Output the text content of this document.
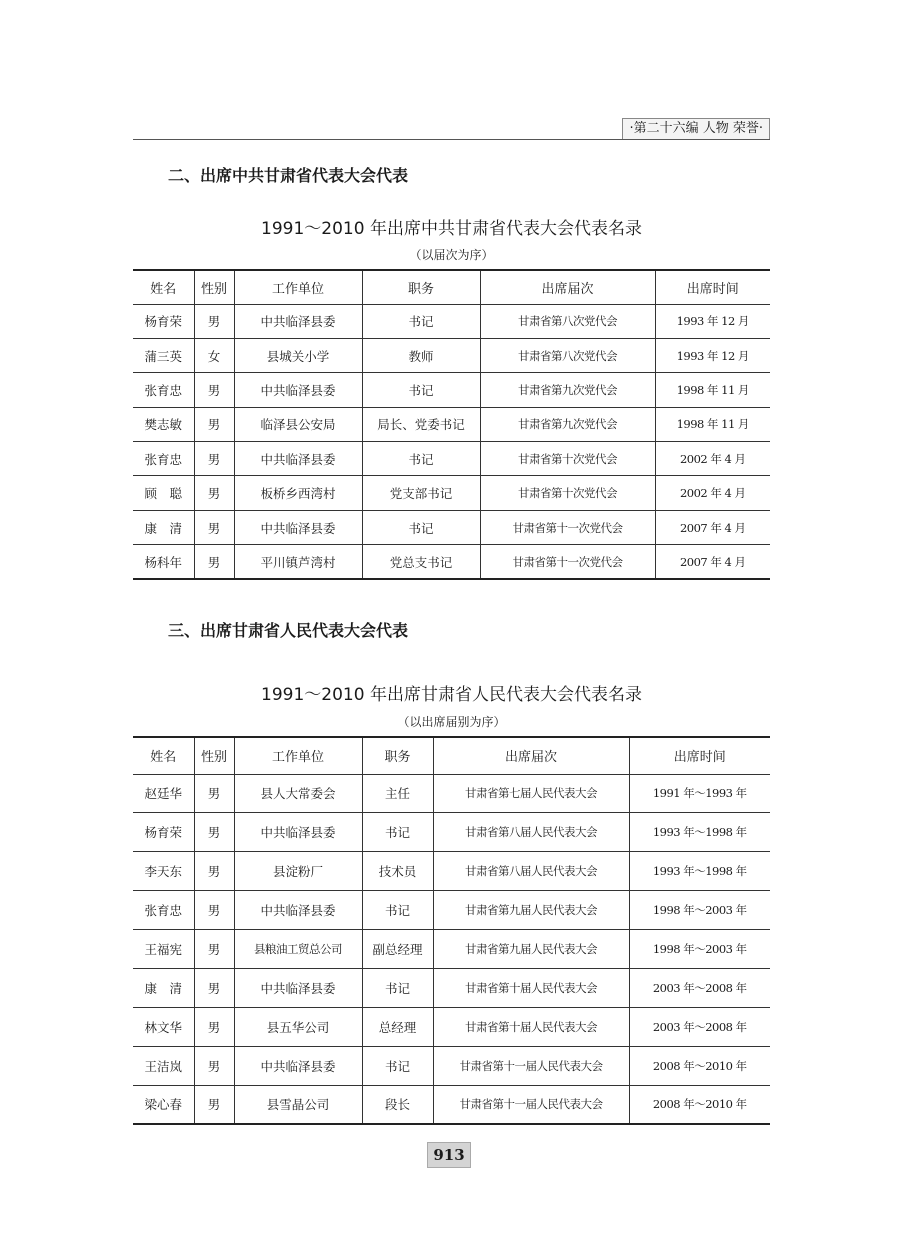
·第二十六编 人物 荣誉·
二、出席中共甘肃省代表大会代表
1991～2010 年出席中共甘肃省代表大会代表名录
（以届次为序）
姓名	性别	工作单位	职务	出席届次	出席时间
杨育荣	男	中共临泽县委	书记	甘肃省第八次党代会	1993 年 12 月
蒲三英	女	县城关小学	教师	甘肃省第八次党代会	1993 年 12 月
张育忠	男	中共临泽县委	书记	甘肃省第九次党代会	1998 年 11 月
樊志敏	男	临泽县公安局	局长、党委书记	甘肃省第九次党代会	1998 年 11 月
张育忠	男	中共临泽县委	书记	甘肃省第十次党代会	2002 年 4 月
顾　聪	男	板桥乡西湾村	党支部书记	甘肃省第十次党代会	2002 年 4 月
康　清	男	中共临泽县委	书记	甘肃省第十一次党代会	2007 年 4 月
杨科年	男	平川镇芦湾村	党总支书记	甘肃省第十一次党代会	2007 年 4 月
三、出席甘肃省人民代表大会代表
1991～2010 年出席甘肃省人民代表大会代表名录
（以出席届别为序）
姓名	性别	工作单位	职务	出席届次	出席时间
赵廷华	男	县人大常委会	主任	甘肃省第七届人民代表大会	1991 年～1993 年
杨育荣	男	中共临泽县委	书记	甘肃省第八届人民代表大会	1993 年～1998 年
李天东	男	县淀粉厂	技术员	甘肃省第八届人民代表大会	1993 年～1998 年
张育忠	男	中共临泽县委	书记	甘肃省第九届人民代表大会	1998 年～2003 年
王福宪	男	县粮油工贸总公司	副总经理	甘肃省第九届人民代表大会	1998 年～2003 年
康　清	男	中共临泽县委	书记	甘肃省第十届人民代表大会	2003 年～2008 年
林文华	男	县五华公司	总经理	甘肃省第十届人民代表大会	2003 年～2008 年
王洁岚	男	中共临泽县委	书记	甘肃省第十一届人民代表大会	2008 年～2010 年
梁心春	男	县雪晶公司	段长	甘肃省第十一届人民代表大会	2008 年～2010 年
913
